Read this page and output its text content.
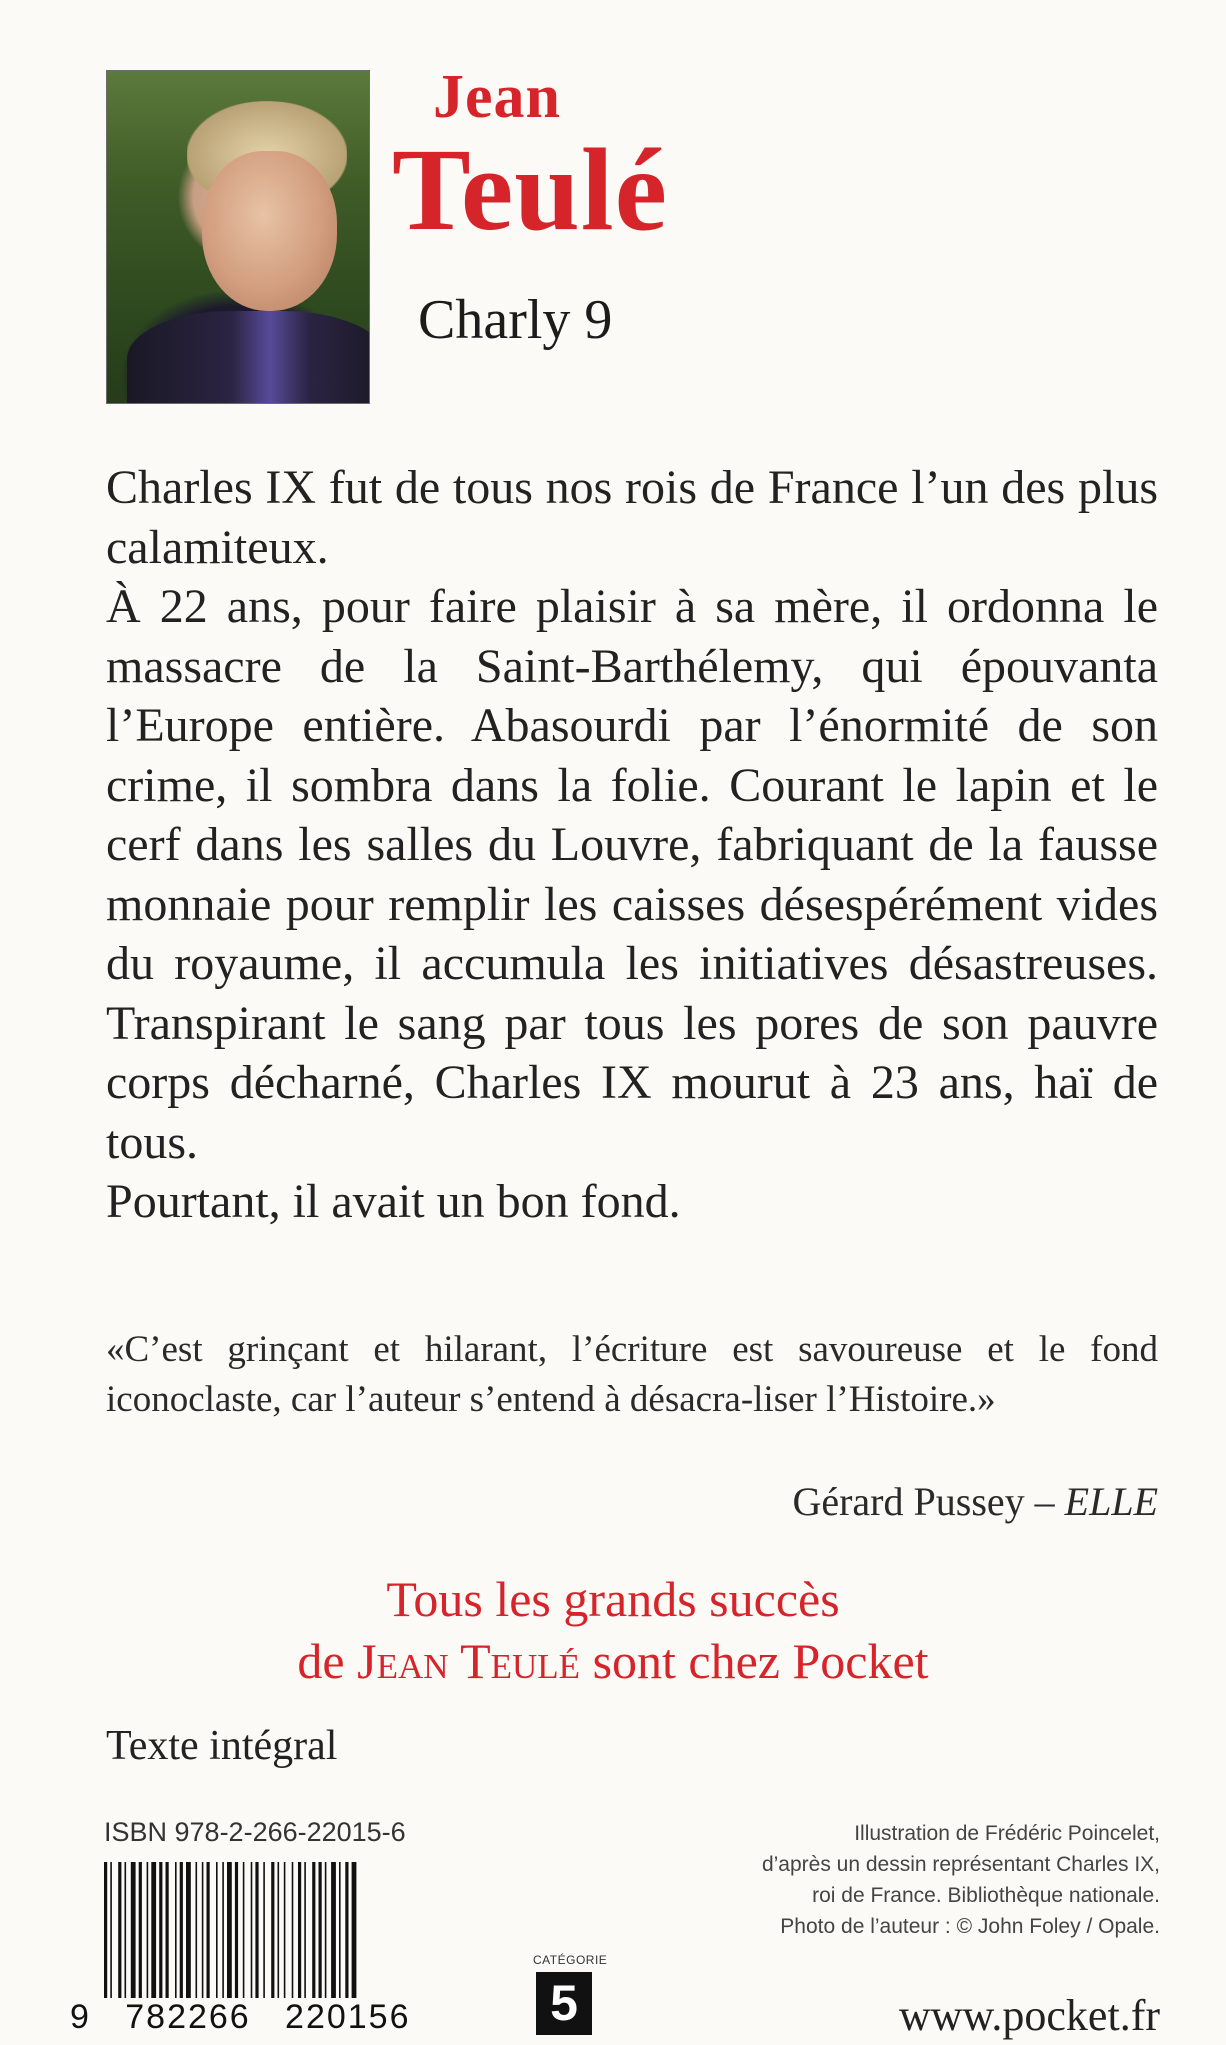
Jean
Teulé
Charly 9

Charles IX fut de tous nos rois de France l’un des plus calamiteux.

À 22 ans, pour faire plaisir à sa mère, il ordonna le massacre de la Saint-Barthélemy, qui épouvanta l’Europe entière. Abasourdi par l’énormité de son crime, il sombra dans la folie. Courant le lapin et le cerf dans les salles du Louvre, fabriquant de la fausse monnaie pour remplir les caisses désespérément vides du royaume, il accumula les initiatives désastreuses. Transpirant le sang par tous les pores de son pauvre corps décharné, Charles IX mourut à 23 ans, haï de tous.

Pourtant, il avait un bon fond.

«C’est grinçant et hilarant, l’écriture est savoureuse et le fond iconoclaste, car l’auteur s’entend à désacra-liser l’Histoire.»
Gérard Pussey – ELLE
Tous les grands succès
de Jean Teulé sont chez Pocket
Texte intégral
ISBN 978-2-266-22015-6
9   782266   220156
CATÉGORIE
5
Illustration de Frédéric Poincelet,
d’après un dessin représentant Charles IX,
roi de France. Bibliothèque nationale.
Photo de l’auteur : © John Foley / Opale.
www.pocket.fr
